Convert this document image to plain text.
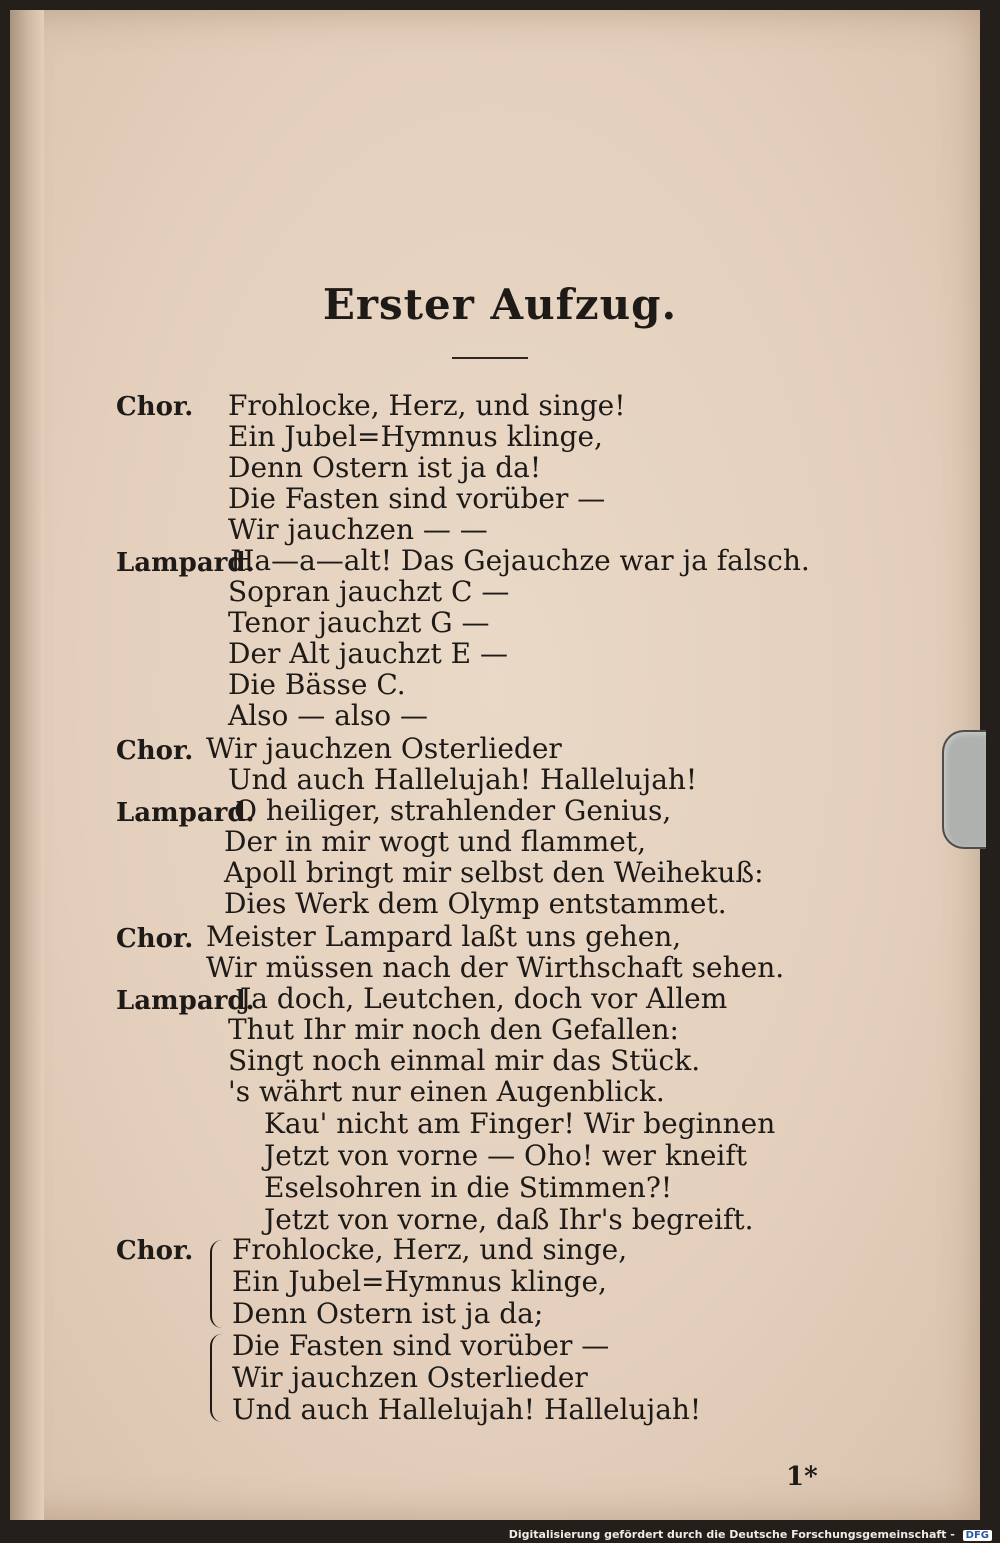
Erster Aufzug.
Chor.
Lampard.
Chor.
Lampard.
Chor.
Lampard.
Chor.
Frohlocke, Herz, und singe!
Ein Jubel=Hymnus klinge,
Denn Ostern ist ja da!
Die Fasten sind vorüber —
Wir jauchzen — —
Ha—a—alt! Das Gejauchze war ja falsch.
Sopran jauchzt C —
Tenor jauchzt G —
Der Alt jauchzt E —
Die Bässe C.
Also — also —
Wir jauchzen Osterlieder
Und auch Hallelujah! Hallelujah!
O heiliger, strahlender Genius,
Der in mir wogt und flammet,
Apoll bringt mir selbst den Weihekuß:
Dies Werk dem Olymp entstammet.
Meister Lampard laßt uns gehen,
Wir müssen nach der Wirthschaft sehen.
Ja doch, Leutchen, doch vor Allem
Thut Ihr mir noch den Gefallen:
Singt noch einmal mir das Stück.
's währt nur einen Augenblick.
Kau' nicht am Finger! Wir beginnen
Jetzt von vorne — Oho! wer kneift
Eselsohren in die Stimmen?!
Jetzt von vorne, daß Ihr's begreift.
Frohlocke, Herz, und singe,
Ein Jubel=Hymnus klinge,
Denn Ostern ist ja da;
Die Fasten sind vorüber —
Wir jauchzen Osterlieder
Und auch Hallelujah! Hallelujah!
1*
Digitalisierung gefördert durch die Deutsche Forschungsgemeinschaft - DFG
